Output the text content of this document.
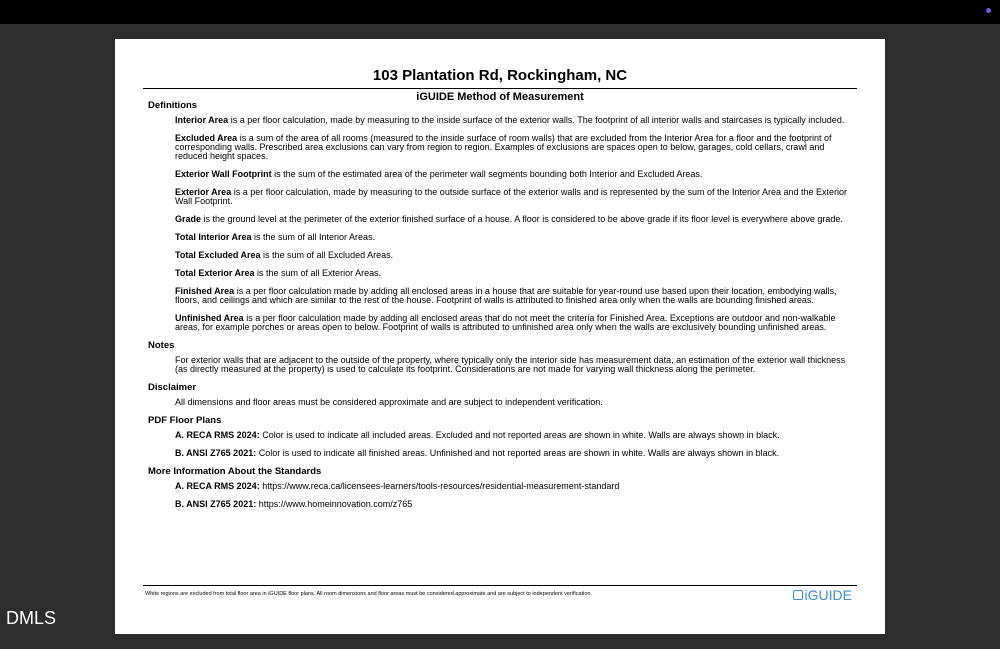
103 Plantation Rd, Rockingham, NC
iGUIDE Method of Measurement
Definitions
Interior Area is a per floor calculation, made by measuring to the inside surface of the exterior walls. The footprint of all interior walls and staircases is typically included.
Excluded Area is a sum of the area of all rooms (measured to the inside surface of room walls) that are excluded from the Interior Area for a floor and the footprint of corresponding walls. Prescribed area exclusions can vary from region to region. Examples of exclusions are spaces open to below, garages, cold cellars, crawl and reduced height spaces.
Exterior Wall Footprint is the sum of the estimated area of the perimeter wall segments bounding both Interior and Excluded Areas.
Exterior Area is a per floor calculation, made by measuring to the outside surface of the exterior walls and is represented by the sum of the Interior Area and the Exterior Wall Footprint.
Grade is the ground level at the perimeter of the exterior finished surface of a house. A floor is considered to be above grade if its floor level is everywhere above grade.
Total Interior Area is the sum of all Interior Areas.
Total Excluded Area is the sum of all Excluded Areas.
Total Exterior Area is the sum of all Exterior Areas.
Finished Area is a per floor calculation made by adding all enclosed areas in a house that are suitable for year-round use based upon their location, embodying walls, floors, and ceilings and which are similar to the rest of the house. Footprint of walls is attributed to finished area only when the walls are bounding finished areas.
Unfinished Area is a per floor calculation made by adding all enclosed areas that do not meet the criteria for Finished Area. Exceptions are outdoor and non-walkable areas, for example porches or areas open to below. Footprint of walls is attributed to unfinished area only when the walls are exclusively bounding unfinished areas.
Notes
For exterior walls that are adjacent to the outside of the property, where typically only the interior side has measurement data, an estimation of the exterior wall thickness (as directly measured at the property) is used to calculate its footprint. Considerations are not made for varying wall thickness along the perimeter.
Disclaimer
All dimensions and floor areas must be considered approximate and are subject to independent verification.
PDF Floor Plans
A. RECA RMS 2024: Color is used to indicate all included areas. Excluded and not reported areas are shown in white. Walls are always shown in black.
B. ANSI Z765 2021: Color is used to indicate all finished areas. Unfinished and not reported areas are shown in white. Walls are always shown in black.
More Information About the Standards
A. RECA RMS 2024: https://www.reca.ca/licensees-learners/tools-resources/residential-measurement-standard
B. ANSI Z765 2021: https://www.homeinnovation.com/z765
White regions are excluded from total floor area in iGUIDE floor plans. All room dimensions and floor areas must be considered approximate and are subject to independent verification.	iGUIDE
DMLS
